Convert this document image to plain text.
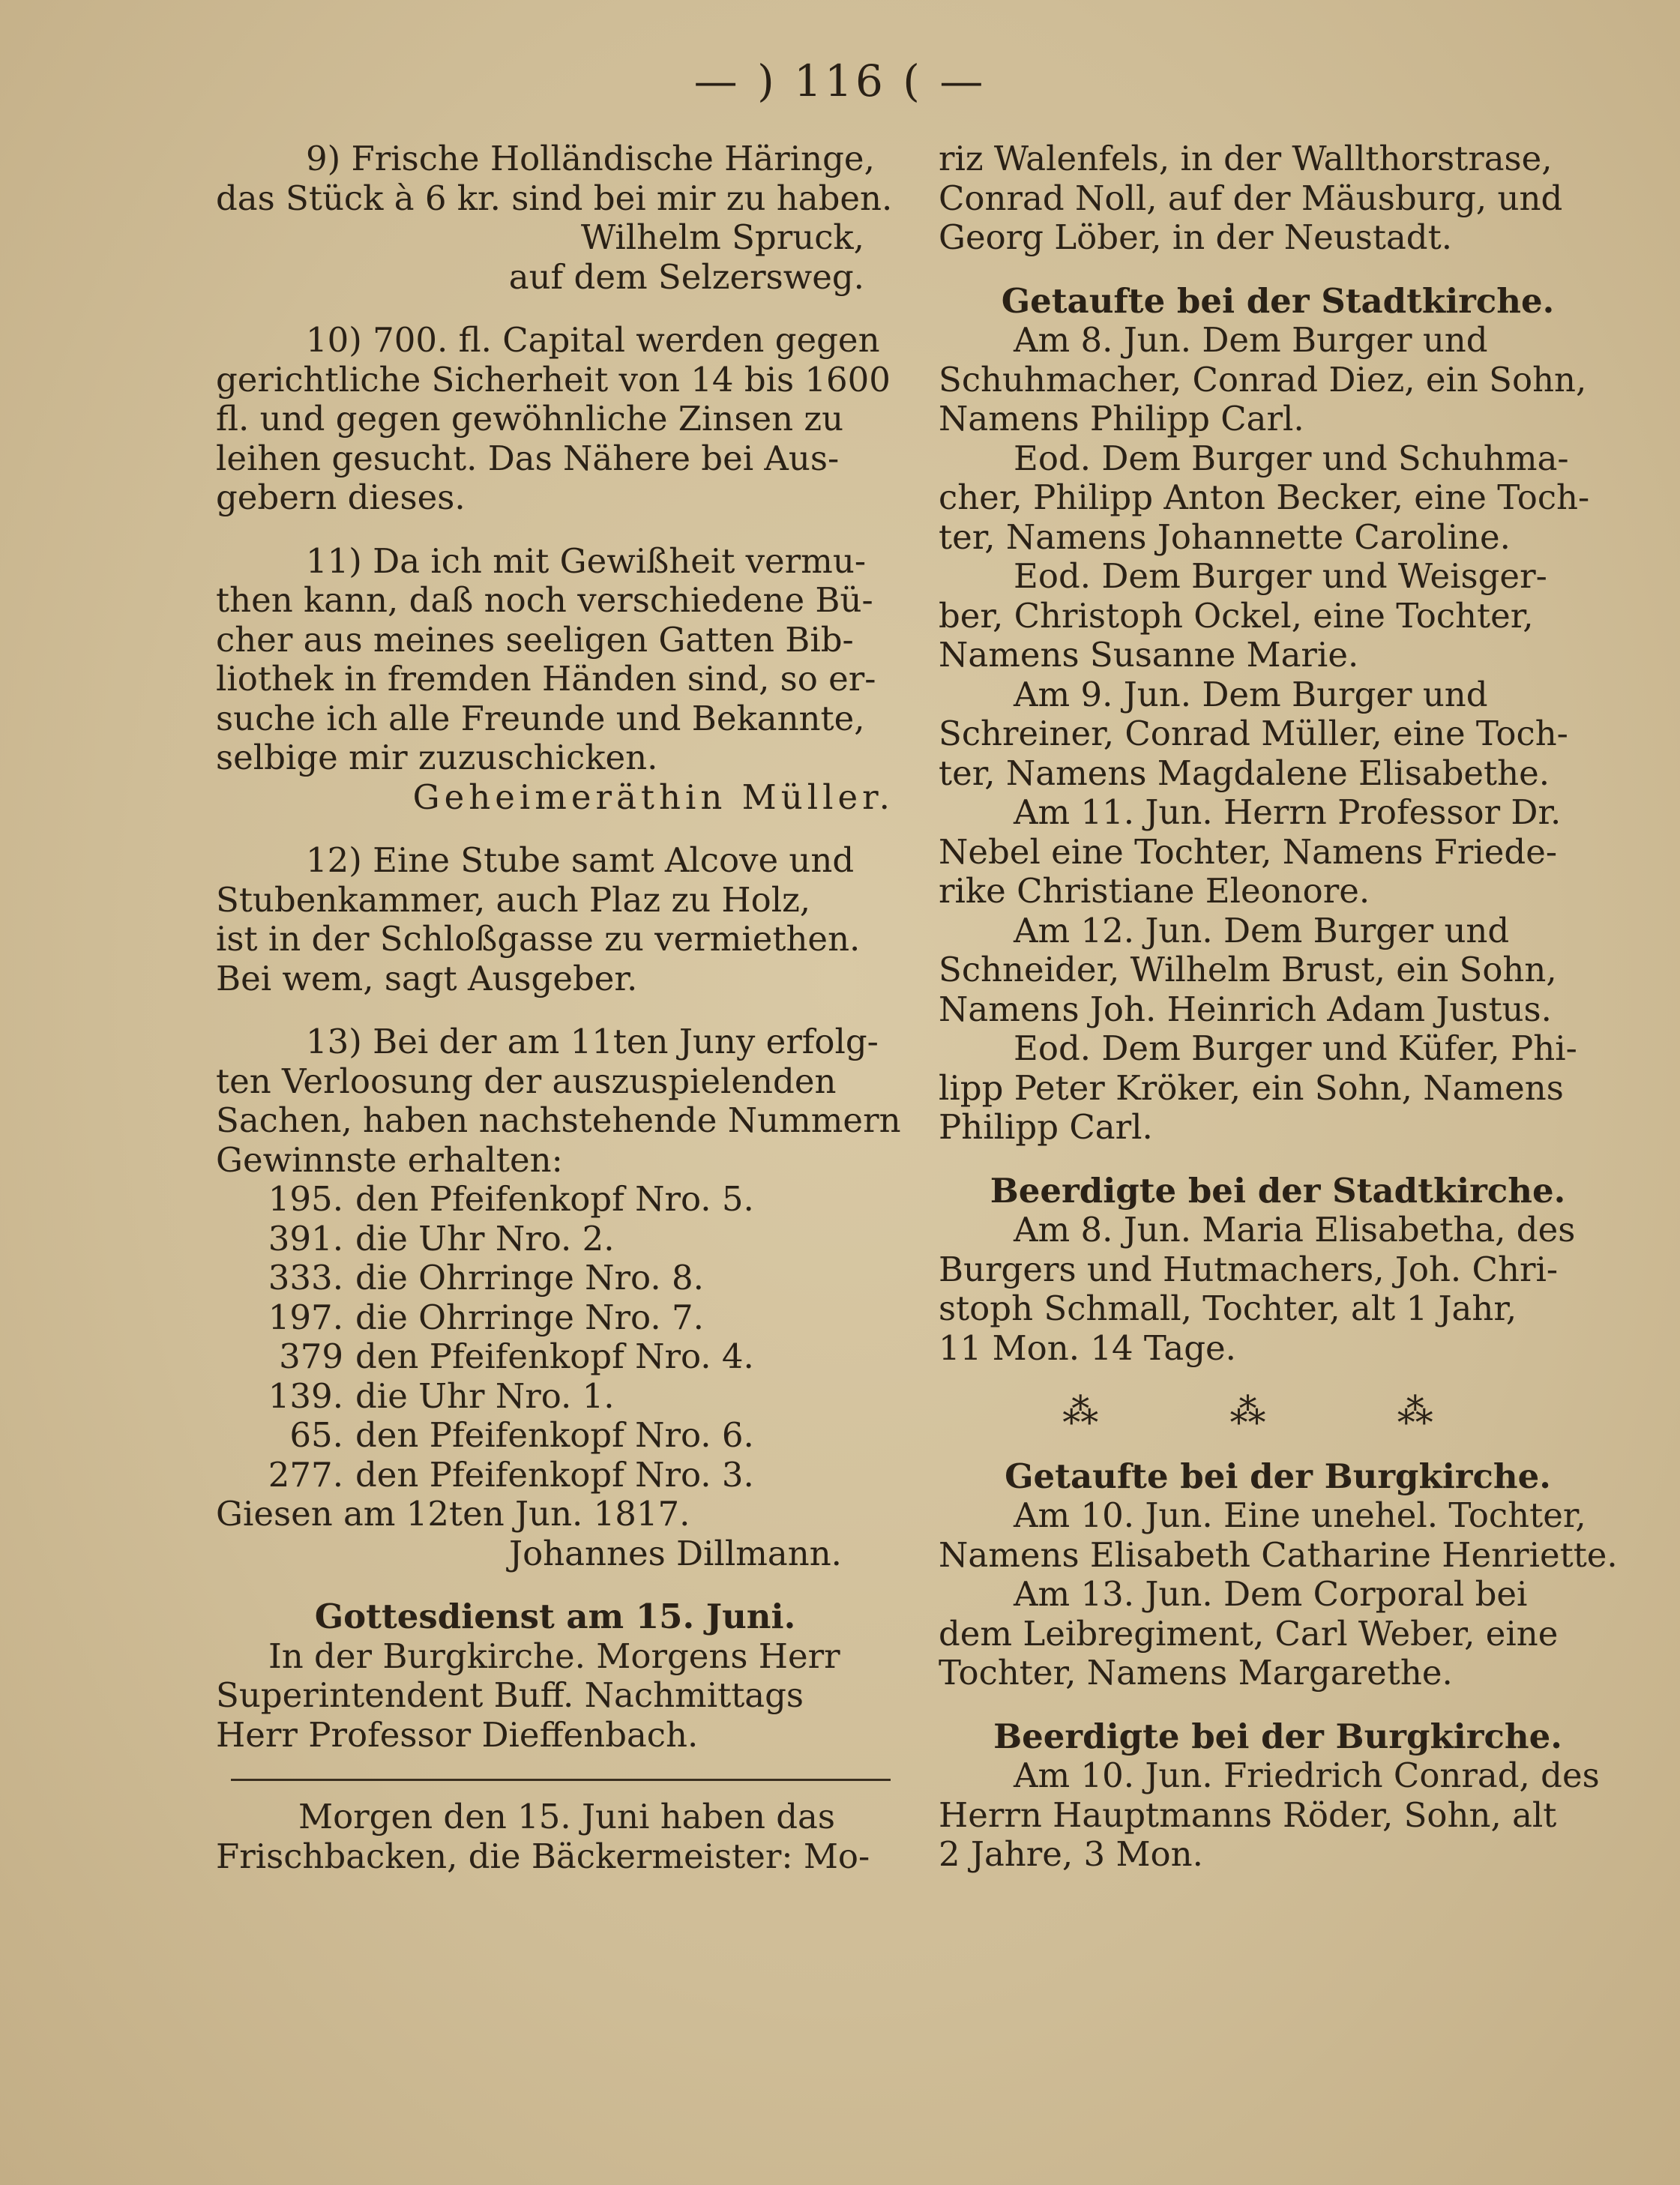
— ) 116 ( —
9) Frische Holländische Häringe,
das Stück à 6 kr. sind bei mir zu haben.
Wilhelm Spruck,
auf dem Selzersweg.
10) 700. fl. Capital werden gegen
gerichtliche Sicherheit von 14 bis 1600
fl. und gegen gewöhnliche Zinsen zu
leihen gesucht. Das Nähere bei Aus-
gebern dieses.
11) Da ich mit Gewißheit vermu-
then kann, daß noch verschiedene Bü-
cher aus meines seeligen Gatten Bib-
liothek in fremden Händen sind, so er-
suche ich alle Freunde und Bekannte,
selbige mir zuzuschicken.
Geheimeräthin Müller.
12) Eine Stube samt Alcove und
Stubenkammer, auch Plaz zu Holz,
ist in der Schloßgasse zu vermiethen.
Bei wem, sagt Ausgeber.
13) Bei der am 11ten Juny erfolg-
ten Verloosung der auszuspielenden
Sachen, haben nachstehende Nummern
Gewinnste erhalten:
195. den Pfeifenkopf Nro. 5.
391. die Uhr Nro. 2.
333. die Ohrringe Nro. 8.
197. die Ohrringe Nro. 7.
379 den Pfeifenkopf Nro. 4.
139. die Uhr Nro. 1.
65. den Pfeifenkopf Nro. 6.
277. den Pfeifenkopf Nro. 3.
Giesen am 12ten Jun. 1817.
Johannes Dillmann.
Gottesdienst am 15. Juni.
In der Burgkirche. Morgens Herr
Superintendent Buff. Nachmittags
Herr Professor Dieffenbach.
Morgen den 15. Juni haben das
Frischbacken, die Bäckermeister: Mo-
riz Walenfels, in der Wallthorstrase,
Conrad Noll, auf der Mäusburg, und
Georg Löber, in der Neustadt.
Getaufte bei der Stadtkirche.
Am 8. Jun. Dem Burger und
Schuhmacher, Conrad Diez, ein Sohn,
Namens Philipp Carl.
Eod. Dem Burger und Schuhma-
cher, Philipp Anton Becker, eine Toch-
ter, Namens Johannette Caroline.
Eod. Dem Burger und Weisger-
ber, Christoph Ockel, eine Tochter,
Namens Susanne Marie.
Am 9. Jun. Dem Burger und
Schreiner, Conrad Müller, eine Toch-
ter, Namens Magdalene Elisabethe.
Am 11. Jun. Herrn Professor Dr.
Nebel eine Tochter, Namens Friede-
rike Christiane Eleonore.
Am 12. Jun. Dem Burger und
Schneider, Wilhelm Brust, ein Sohn,
Namens Joh. Heinrich Adam Justus.
Eod. Dem Burger und Küfer, Phi-
lipp Peter Kröker, ein Sohn, Namens
Philipp Carl.
Beerdigte bei der Stadtkirche.
Am 8. Jun. Maria Elisabetha, des
Burgers und Hutmachers, Joh. Chri-
stoph Schmall, Tochter, alt 1 Jahr,
11 Mon. 14 Tage.
⁂ ⁂ ⁂
Getaufte bei der Burgkirche.
Am 10. Jun. Eine unehel. Tochter,
Namens Elisabeth Catharine Henriette.
Am 13. Jun. Dem Corporal bei
dem Leibregiment, Carl Weber, eine
Tochter, Namens Margarethe.
Beerdigte bei der Burgkirche.
Am 10. Jun. Friedrich Conrad, des
Herrn Hauptmanns Röder, Sohn, alt
2 Jahre, 3 Mon.
